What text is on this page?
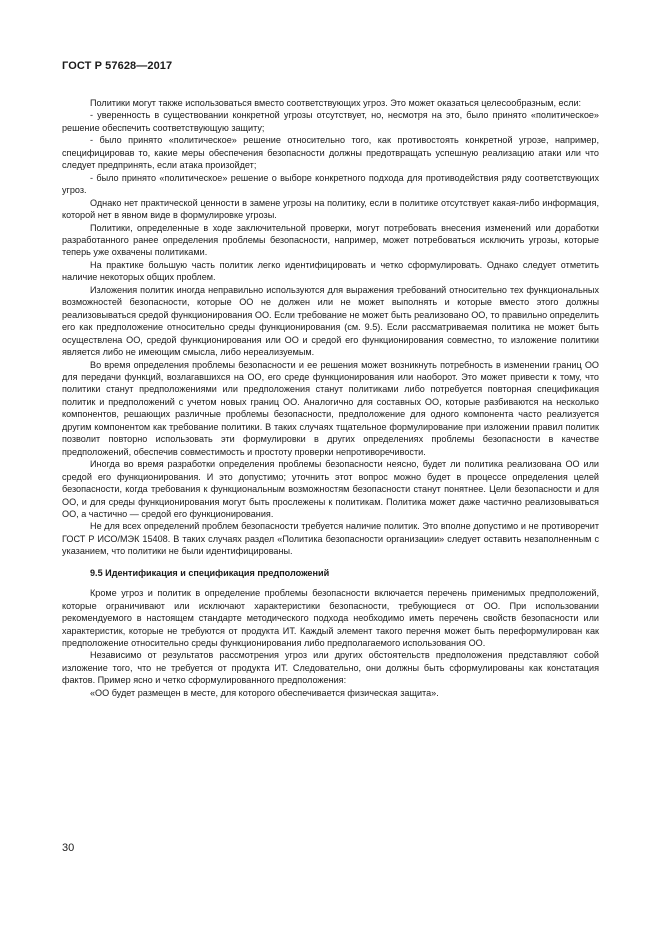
ГОСТ Р 57628—2017

Политики могут также использоваться вместо соответствующих угроз. Это может оказаться целесообразным, если:

- уверенность в существовании конкретной угрозы отсутствует, но, несмотря на это, было принято «политическое» решение обеспечить соответствующую защиту;

- было принято «политическое» решение относительно того, как противостоять конкретной угрозе, например, специфицировав то, какие меры обеспечения безопасности должны предотвращать успешную реализацию атаки или что следует предпринять, если атака произойдет;

- было принято «политическое» решение о выборе конкретного подхода для противодействия ряду соответствующих угроз.

Однако нет практической ценности в замене угрозы на политику, если в политике отсутствует какая-либо информация, которой нет в явном виде в формулировке угрозы.

Политики, определенные в ходе заключительной проверки, могут потребовать внесения изменений или доработки разработанного ранее определения проблемы безопасности, например, может потребоваться исключить угрозы, которые теперь уже охвачены политиками.

На практике большую часть политик легко идентифицировать и четко сформулировать. Однако следует отметить наличие некоторых общих проблем.

Изложения политик иногда неправильно используются для выражения требований относительно тех функциональных возможностей безопасности, которые ОО не должен или не может выполнять и которые вместо этого должны реализовываться средой функционирования ОО. Если требование не может быть реализовано ОО, то правильно определить его как предположение относительно среды функционирования (см. 9.5). Если рассматриваемая политика не может быть осуществлена ОО, средой функционирования или ОО и средой его функционирования совместно, то изложение политики является либо не имеющим смысла, либо нереализуемым.

Во время определения проблемы безопасности и ее решения может возникнуть потребность в изменении границ ОО для передачи функций, возлагавшихся на ОО, его среде функционирования или наоборот. Это может привести к тому, что политики станут предположениями или предположения станут политиками либо потребуется повторная спецификация политик и предположений с учетом новых границ ОО. Аналогично для составных ОО, которые разбиваются на несколько компонентов, решающих различные проблемы безопасности, предположение для одного компонента часто реализуется другим компонентом как требование политики. В таких случаях тщательное формулирование при изложении правил политик позволит повторно использовать эти формулировки в других определениях проблемы безопасности в качестве предположений, обеспечив совместимость и простоту проверки непротиворечивости.

Иногда во время разработки определения проблемы безопасности неясно, будет ли политика реализована ОО или средой его функционирования. И это допустимо; уточнить этот вопрос можно будет в процессе определения целей безопасности, когда требования к функциональным возможностям безопасности станут понятнее. Цели безопасности и для ОО, и для среды функционирования могут быть прослежены к политикам. Политика может даже частично реализовываться ОО, а частично — средой его функционирования.

Не для всех определений проблем безопасности требуется наличие политик. Это вполне допустимо и не противоречит ГОСТ Р ИСО/МЭК 15408. В таких случаях раздел «Политика безопасности организации» следует оставить незаполненным с указанием, что политики не были идентифицированы.

9.5 Идентификация и спецификация предположений

Кроме угроз и политик в определение проблемы безопасности включается перечень применимых предположений, которые ограничивают или исключают характеристики безопасности, требующиеся от ОО. При использовании рекомендуемого в настоящем стандарте методического подхода необходимо иметь перечень свойств безопасности или характеристик, которые не требуются от продукта ИТ. Каждый элемент такого перечня может быть переформулирован как предположение относительно среды функционирования либо предполагаемого использования ОО.

Независимо от результатов рассмотрения угроз или других обстоятельств предположения представляют собой изложение того, что не требуется от продукта ИТ. Следовательно, они должны быть сформулированы как констатация фактов. Пример ясно и четко сформулированного предположения:

«ОО будет размещен в месте, для которого обеспечивается физическая защита».

30
